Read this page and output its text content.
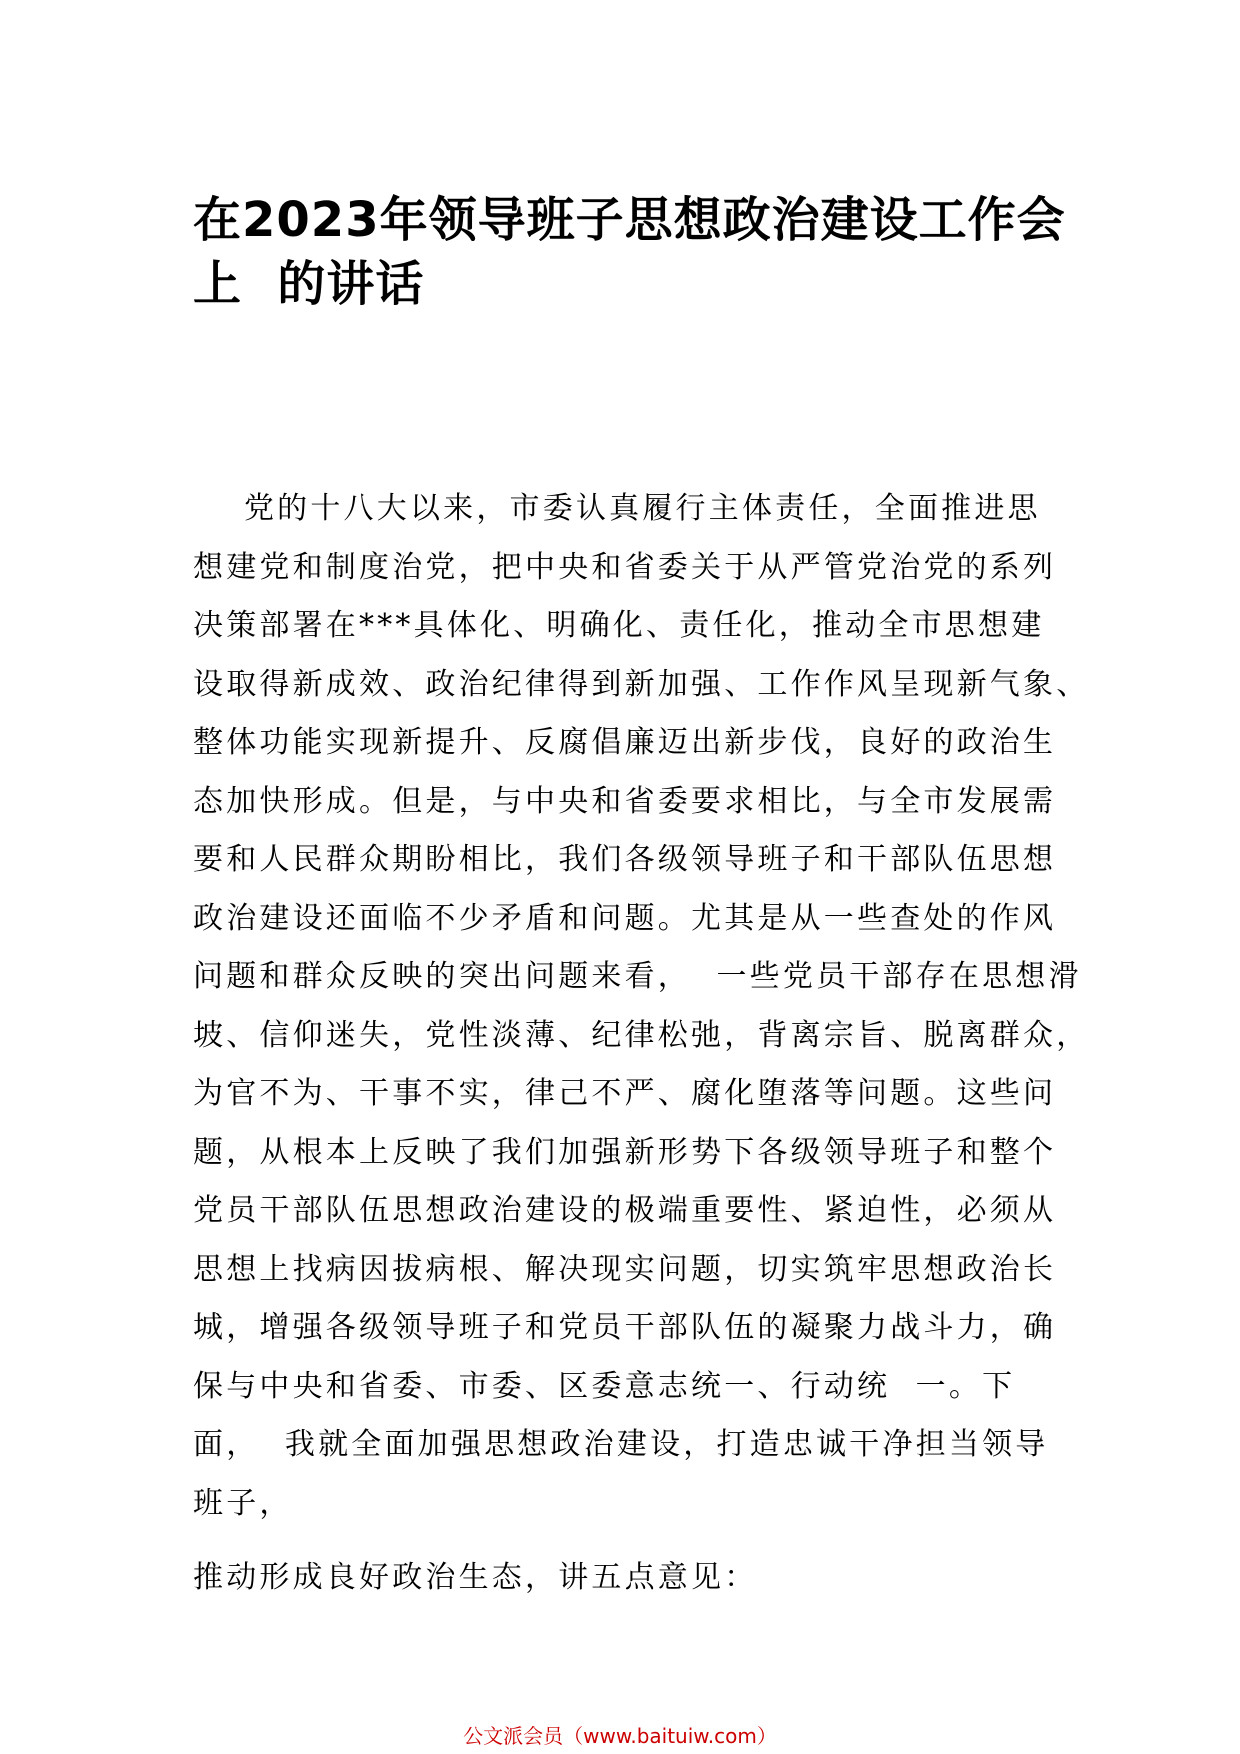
在2023年领导班子思想政治建设工作会
上  的讲话
党的十八大以来，市委认真履行主体责任，全面推进思
想建党和制度治党，把中央和省委关于从严管党治党的系列
决策部署在***具体化、明确化、责任化，推动全市思想建
设取得新成效、政治纪律得到新加强、工作作风呈现新气象、
整体功能实现新提升、反腐倡廉迈出新步伐，良好的政治生
态加快形成。但是，与中央和省委要求相比，与全市发展需
要和人民群众期盼相比，我们各级领导班子和干部队伍思想
政治建设还面临不少矛盾和问题。尤其是从一些查处的作风
问题和群众反映的突出问题来看，  一些党员干部存在思想滑
坡、信仰迷失，党性淡薄、纪律松弛，背离宗旨、脱离群众，
为官不为、干事不实，律己不严、腐化堕落等问题。这些问
题，从根本上反映了我们加强新形势下各级领导班子和整个
党员干部队伍思想政治建设的极端重要性、紧迫性，必须从
思想上找病因拔病根、解决现实问题，切实筑牢思想政治长
城，增强各级领导班子和党员干部队伍的凝聚力战斗力，确
保与中央和省委、市委、区委意志统一、行动统  一。下
面，  我就全面加强思想政治建设，打造忠诚干净担当领导
班子，
推动形成良好政治生态，讲五点意见：
公文派会员（www.baituiw.com）
